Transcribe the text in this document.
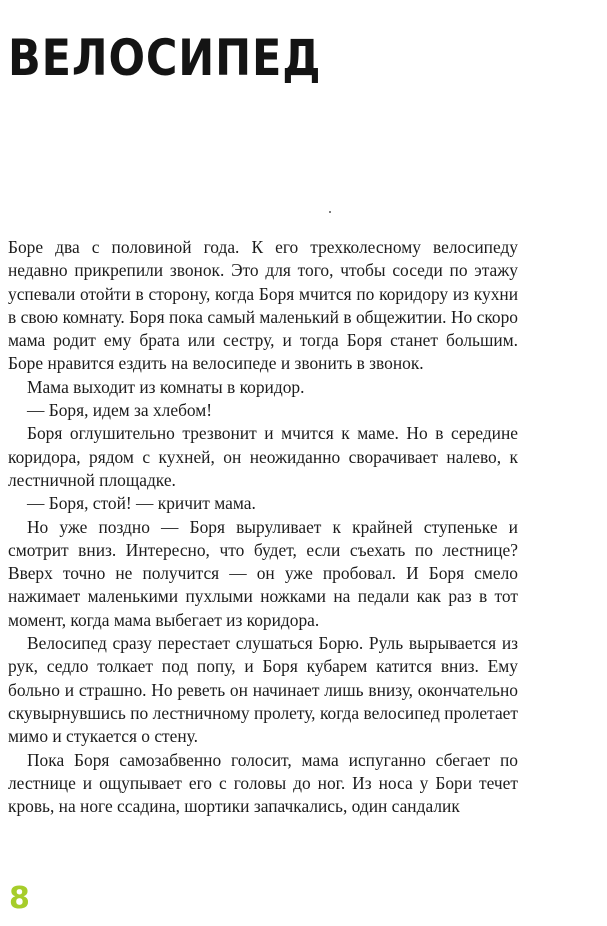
ВЕЛОСИПЕД

Боре два с половиной года. К его трехколесному велосипеду недавно прикрепили звонок. Это для того, чтобы соседи по этажу успевали отойти в сторону, когда Боря мчится по коридору из кухни в свою комнату. Боря пока самый маленький в общежитии. Но скоро мама родит ему брата или сестру, и тогда Боря станет большим. Боре нравится ездить на велосипеде и звонить в звонок.

Мама выходит из комнаты в коридор.

— Боря, идем за хлебом!

Боря оглушительно трезвонит и мчится к маме. Но в середине коридора, рядом с кухней, он неожиданно сворачивает налево, к лестничной площадке.

— Боря, стой! — кричит мама.

Но уже поздно — Боря выруливает к крайней ступеньке и смотрит вниз. Интересно, что будет, если съехать по лестнице? Вверх точно не получится — он уже пробовал. И Боря смело нажимает маленькими пухлыми ножками на педали как раз в тот момент, когда мама выбегает из коридора.

Велосипед сразу перестает слушаться Борю. Руль вырывается из рук, седло толкает под попу, и Боря кубарем катится вниз. Ему больно и страшно. Но реветь он начинает лишь внизу, окончательно скувырнувшись по лестничному пролету, когда велосипед пролетает мимо и стукается о стену.

Пока Боря самозабвенно голосит, мама испуганно сбегает по лестнице и ощупывает его с головы до ног. Из носа у Бори течет кровь, на ноге ссадина, шортики запачкались, один сандалик

8
